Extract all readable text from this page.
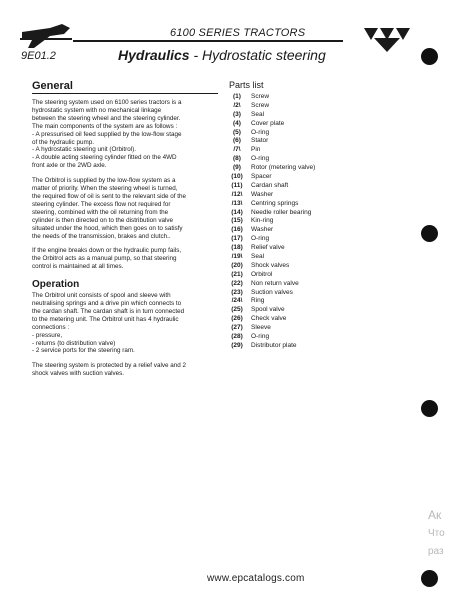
6100 SERIES TRACTORS
9E01.2	Hydraulics - Hydrostatic steering
General
The steering system used on 6100 series tractors is a
hydrostatic system with no mechanical linkage
between the steering wheel and the steering cylinder.
The main components of the system are as follows :
- A pressurised oil feed supplied by the low-flow stage
of the hydraulic pump.
- A hydrostatic steering unit (Orbitrol).
- A double acting steering cylinder fitted on the 4WD
front axle or the 2WD axle.
The Orbitrol is supplied by the low-flow system as a
matter of priority. When the steering wheel is turned,
the required flow of oil is sent to the relevant side of the
steering cylinder. The excess flow not required for
steering, combined with the oil returning from the
cylinder is then directed on to the distribution valve
situated under the hood, which then goes on to satisfy
the needs of the transmission, brakes and clutch..
If the engine breaks down or the hydraulic pump fails,
the Orbitrol acts as a manual pump, so that steering
control is maintained at all times.
Operation
The Orbitrol unit consists of spool and sleeve with
neutralising springs and a drive pin which connects to
the cardan shaft. The cardan shaft is in turn connected
to the metering unit. The Orbitrol unit has 4 hydraulic
connections :
- pressure,
- returns (to distribution valve)
- 2 service ports for the steering ram.
The steering system is protected by a relief valve and 2
shock valves with suction valves.
Parts list
(1)	Screw
/2\	Screw
(3)	Seal
(4)	Cover plate
(5)	O-ring
(6)	Stator
/7\	Pin
(8)	O-ring
(9)	Rotor (metering valve)
(10)	Spacer
(11)	Cardan shaft
/12\	Washer
/13\	Centring springs
(14)	Needle roller bearing
(15)	Kin-ring
(16)	Washer
(17)	O-ring
(18)	Relief valve
/19\	Seal
(20)	Shock valves
(21)	Orbitrol
(22)	Non return valve
(23)	Suction valves
/24\	Ring
(25)	Spool valve
(26)	Check valve
(27)	Sleeve
(28)	O-ring
(29)	Distributor plate
Ак
Что
раз
www.epcatalogs.com
